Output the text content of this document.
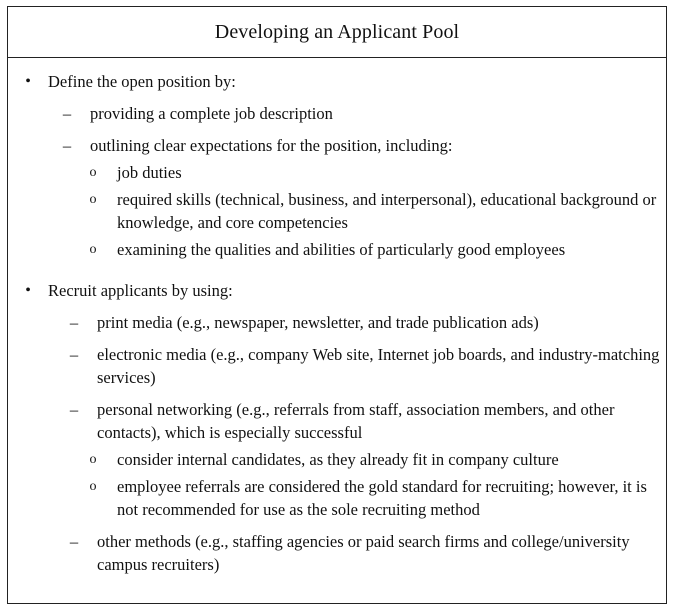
Developing an Applicant Pool
• Define the open position by:
– providing a complete job description
– outlining clear expectations for the position, including:
o job duties
o required skills (technical, business, and interpersonal), educational background or knowledge, and core competencies
o examining the qualities and abilities of particularly good employees
• Recruit applicants by using:
– print media (e.g., newspaper, newsletter, and trade publication ads)
– electronic media (e.g., company Web site, Internet job boards, and industry-matching services)
– personal networking (e.g., referrals from staff, association members, and other contacts), which is especially successful
o consider internal candidates, as they already fit in company culture
o employee referrals are considered the gold standard for recruiting; however, it is not recommended for use as the sole recruiting method
– other methods (e.g., staffing agencies or paid search firms and college/university campus recruiters)
